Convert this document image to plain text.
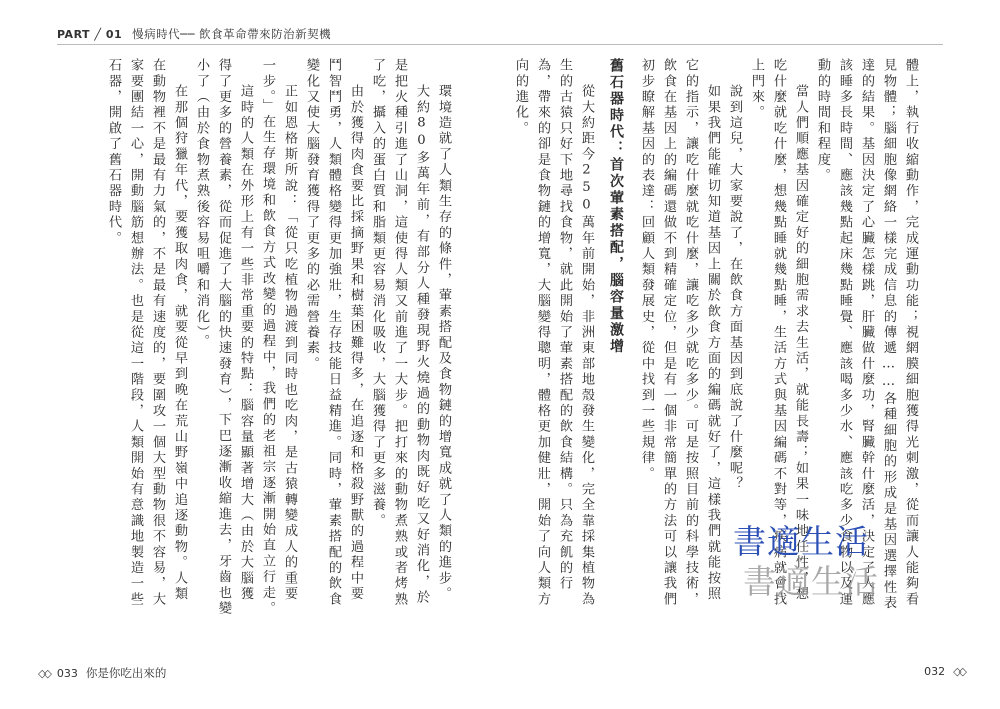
PART ╱ 01 慢病時代── 飲食革命帶來防治新契機

環境造就了人類生存的條件，葷素搭配及食物鏈的增寬成就了人類的進步。

大約80多萬年前，有部分人種發現野火燒過的動物肉既好吃又好消化，於是把火種引進了山洞，這使得人類又前進了一大步。把打來的動物煮熟或者烤熟了吃，攝入的蛋白質和脂類更容易消化吸收，大腦獲得了更多滋養。

由於獲得肉食要比採摘野果和樹葉困難得多，在追逐和格殺野獸的過程中要鬥智鬥勇，人類體格變得更加強壯，生存技能日益精進。同時，葷素搭配的飲食變化又使大腦發育獲得了更多的必需營養素。

正如恩格斯所說：「從只吃植物過渡到同時也吃肉，是古猿轉變成人的重要一步。」在生存環境和飲食方式改變的過程中，我們的老祖宗逐漸開始直立行走。

這時的人類在外形上有一些非常重要的特點：腦容量顯著增大（由於大腦獲得了更多的營養素，從而促進了大腦的快速發育），下巴逐漸收縮進去，牙齒也變小了（由於食物煮熟後容易咀嚼和消化）。

在那個狩獵年代，要獲取肉食，就要從早到晚在荒山野嶺中追逐動物。人類在動物裡不是最有力氣的，不是最有速度的，要圍攻一個大型動物很不容易，大家要團結一心，開動腦筋想辦法。也是從這一階段，人類開始有意識地製造一些石器，開啟了舊石器時代。	體上，執行收縮動作，完成運動功能；視網膜細胞獲得光刺激，從而讓人能夠看見物體；腦細胞像網絡一樣完成信息的傳遞……各種細胞的形成是基因選擇性表達的結果。基因決定了心臟怎樣跳，肝臟做什麼功，腎臟幹什麼活，決定了人應該睡多長時間、應該幾點起床幾點睡覺、應該喝多少水、應該吃多少食物以及運動的時間和程度。

當人們順應基因確定好的細胞需求去生活，就能長壽；如果一味地任性，想吃什麼就吃什麼，想幾點睡就幾點睡，生活方式與基因編碼不對等，疾病就會找上門來。

說到這兒，大家要說了，在飲食方面基因到底說了什麼呢？

如果我們能確切知道基因上關於飲食方面的編碼就好了，這樣我們就能按照它的指示，讓吃什麼就吃什麼，讓吃多少就吃多少。可是按照目前的科學技術，飲食在基因上的編碼還做不到精確定位，但是有一個非常簡單的方法可以讓我們初步瞭解基因的表達：回顧人類發展史，從中找到一些規律。

舊石器時代：首次葷素搭配，腦容量激增

從大約距今250萬年前開始，非洲東部地殼發生變化，完全靠採集植物為生的古猿只好下地尋找食物，就此開始了葷素搭配的飲食結構。只為充飢的行為，帶來的卻是食物鏈的增寬，大腦變得聰明，體格更加健壯，開始了向人類方向的進化。

書適生活
書適生活
◇◇ 033 你是你吃出來的	032 ◇◇
